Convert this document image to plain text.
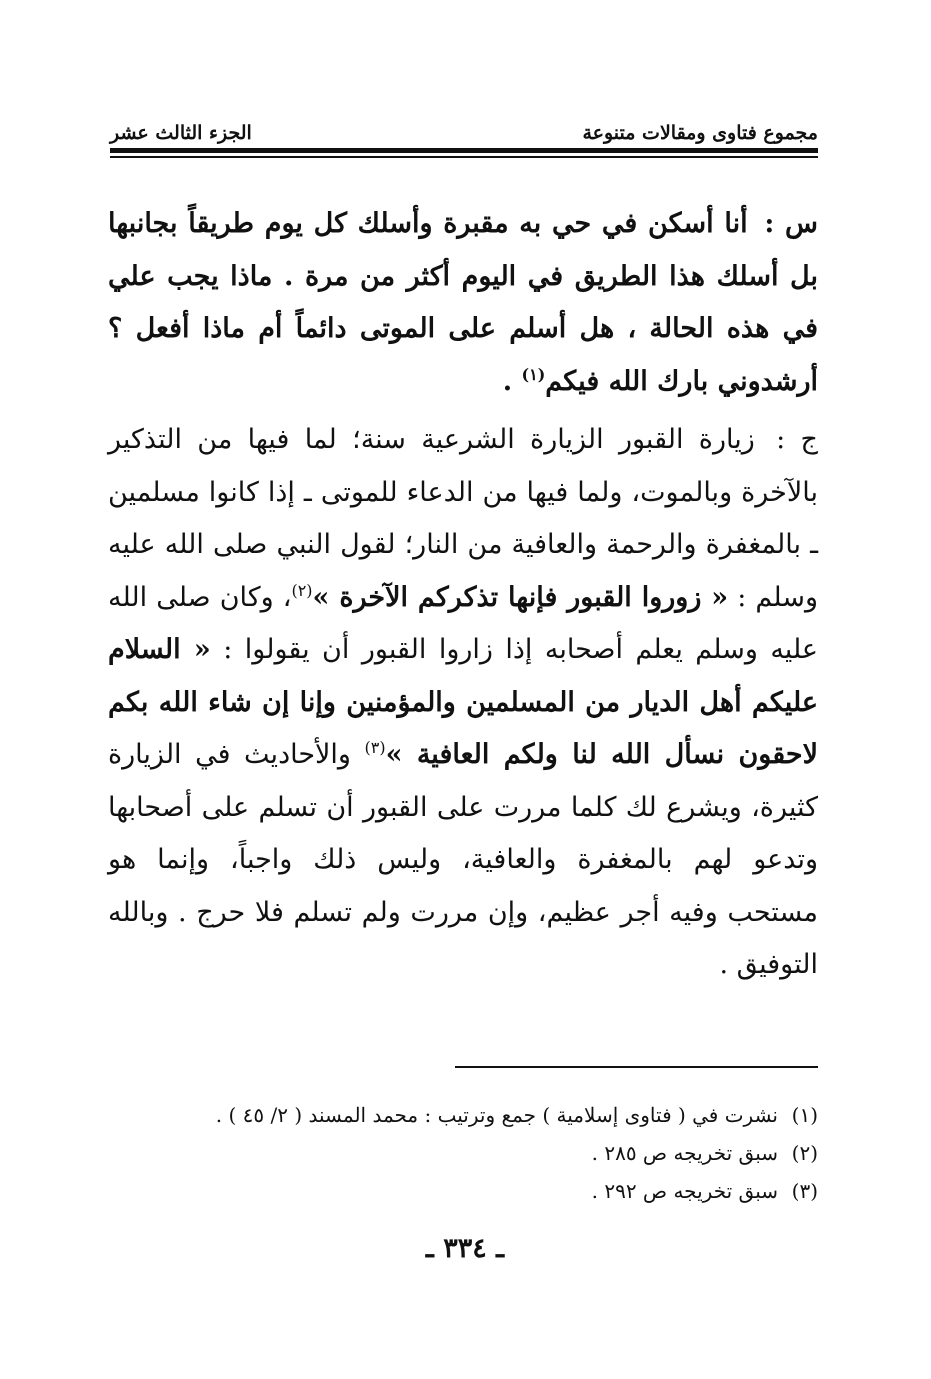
مجموع فتاوى ومقالات متنوعة
الجزء الثالث عشر

س : أنا أسكن في حي به مقبرة وأسلك كل يوم طريقاً بجانبها بل أسلك هذا الطريق في اليوم أكثر من مرة . ماذا يجب علي في هذه الحالة ، هل أسلم على الموتى دائماً أم ماذا أفعل ؟ أرشدوني بارك الله فيكم$^{(١)}$ .

ج : زيارة القبور الزيارة الشرعية سنة؛ لما فيها من التذكير بالآخرة وبالموت، ولما فيها من الدعاء للموتى ـ إذا كانوا مسلمين ـ بالمغفرة والرحمة والعافية من النار؛ لقول النبي صلى الله عليه وسلم : « زوروا القبور فإنها تذكركم الآخرة »$^{(٢)}$، وكان صلى الله عليه وسلم يعلم أصحابه إذا زاروا القبور أن يقولوا : « السلام عليكم أهل الديار من المسلمين والمؤمنين وإنا إن شاء الله بكم لاحقون نسأل الله لنا ولكم العافية »$^{(٣)}$ والأحاديث في الزيارة كثيرة، ويشرع لك كلما مررت على القبور أن تسلم على أصحابها وتدعو لهم بالمغفرة والعافية، وليس ذلك واجباً، وإنما هو مستحب وفيه أجر عظيم، وإن مررت ولم تسلم فلا حرج . وبالله التوفيق .

(١)نشرت في ( فتاوى إسلامية ) جمع وترتيب : محمد المسند ( ٢/ ٤٥ ) .

(٢)سبق تخريجه ص ٢٨٥ .

(٣)سبق تخريجه ص ٢٩٢ .

ـ ٣٣٤ ـ
